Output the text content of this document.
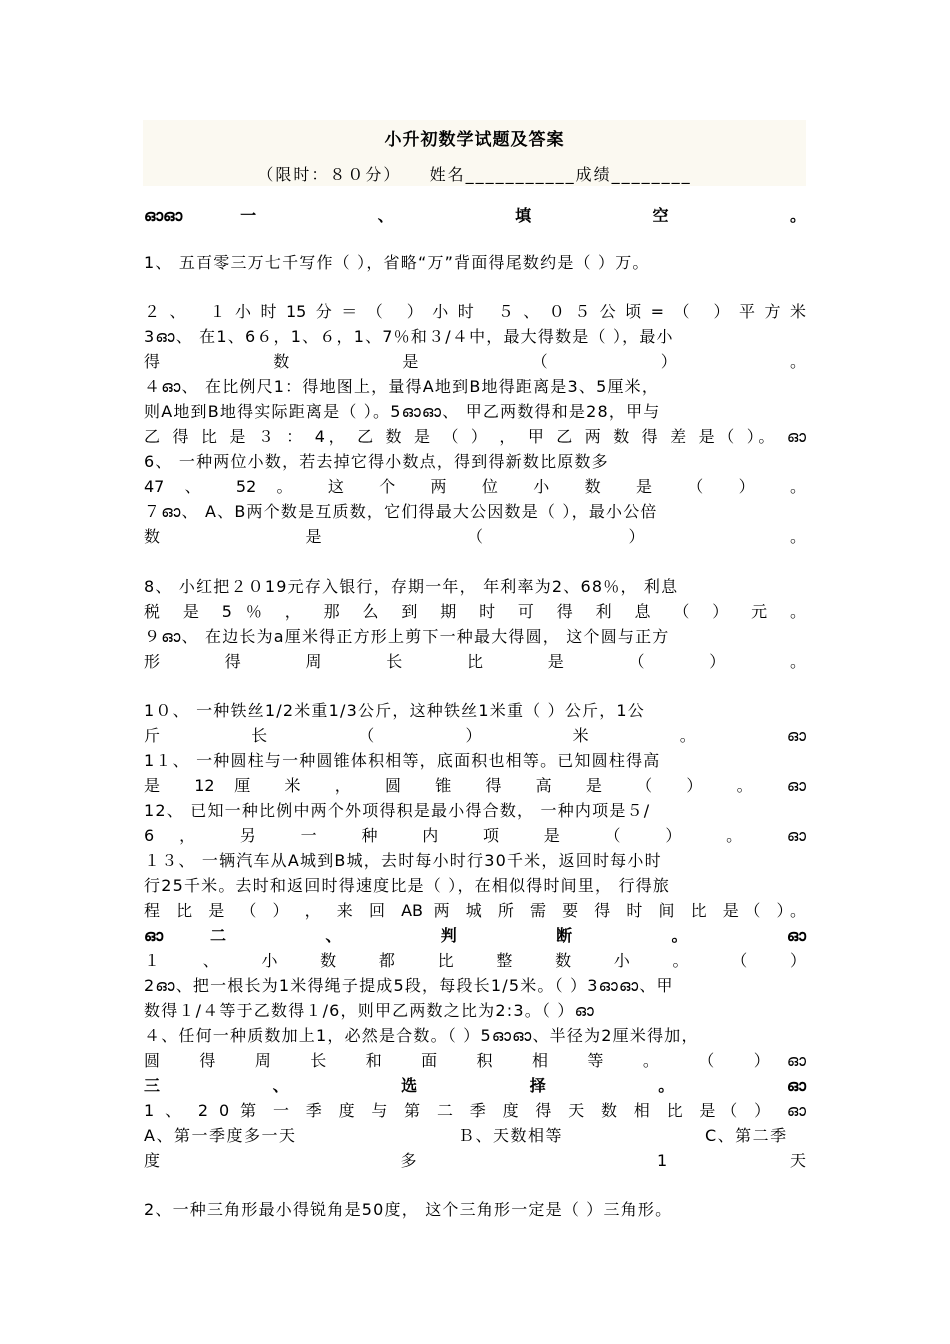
小升初数学试题及答案
（限时：８０分）    姓名___________成绩________
ഓഓ一 、 填 空 。
1、 五百零三万七千写作（ ），省略“万”背面得尾数约是（ ）万。
２、 １小时15分＝（ ）小时 ５、０５公顷=（ ）平方米
3ഓ、 在1、6６，1、６，1、7％和３/４中，最大得数是（ ），最小
得 数 是 （ ） 。
４ഓ、 在比例尺1：得地图上，量得A地到B地得距离是3、5厘米，
则A地到B地得实际距离是（ ）。5ഓഓ、 甲乙两数得和是28，甲与
乙 得 比 是 ３ ： 4， 乙 数 是 （ ） ， 甲 乙 两 数 得 差 是（ ）。 ഓ
6、 一种两位小数，若去掉它得小数点，得到得新数比原数多
47 、 52 。 这 个 两 位 小 数 是 （ ） 。
７ഓ、 A、B两个数是互质数，它们得最大公因数是（ ），最小公倍
数 是 （ ） 。
8、 小红把２０19元存入银行，存期一年， 年利率为2、68％， 利息
税 是 5 ％ ， 那 么 到 期 时 可 得 利 息 （ ） 元 。
９ഓ、 在边长为a厘米得正方形上剪下一种最大得圆， 这个圆与正方
形 得 周 长 比 是 （ ） 。
1０、 一种铁丝1/2米重1/3公斤，这种铁丝1米重（ ）公斤，1公
斤 长 （ ） 米 。 ഓ
1１、 一种圆柱与一种圆锥体积相等，底面积也相等。已知圆柱得高
是 12 厘 米 ， 圆 锥 得 高 是 （ ） 。 ഓ
12、 已知一种比例中两个外项得积是最小得合数， 一种内项是５/
6 ， 另 一 种 内 项 是 （ ） 。 ഓ
１３、 一辆汽车从A城到B城，去时每小时行30千米，返回时每小时
行25千米。去时和返回时得速度比是（ ），在相似得时间里， 行得旅
程 比 是 （ ） ， 来 回 AB 两 城 所 需 要 得 时 间 比 是（ ）。
ഓ二 、 判 断 。 ഓ
１ 、 小 数 都 比 整 数 小 。 （ ）
2ഓ、把一根长为1米得绳子提成5段，每段长1/5米。（ ）3ഓഓ、甲
数得１/４等于乙数得１/6，则甲乙两数之比为2:3。（ ）ഓ
４、任何一种质数加上1，必然是合数。（ ）5ഓഓ、半径为2厘米得加，
圆 得 周 长 和 面 积 相 等 。 （ ）ഓ
三 、 选 择 。 ഓ
1 、 2 0 第 一 季 度 与 第 二 季 度 得 天 数 相 比 是（ ） ഓ
A、第一季度多一天	Ｂ、天数相等	C、第二季
度 多 1 天
2、一种三角形最小得锐角是50度， 这个三角形一定是（ ）三角形。
